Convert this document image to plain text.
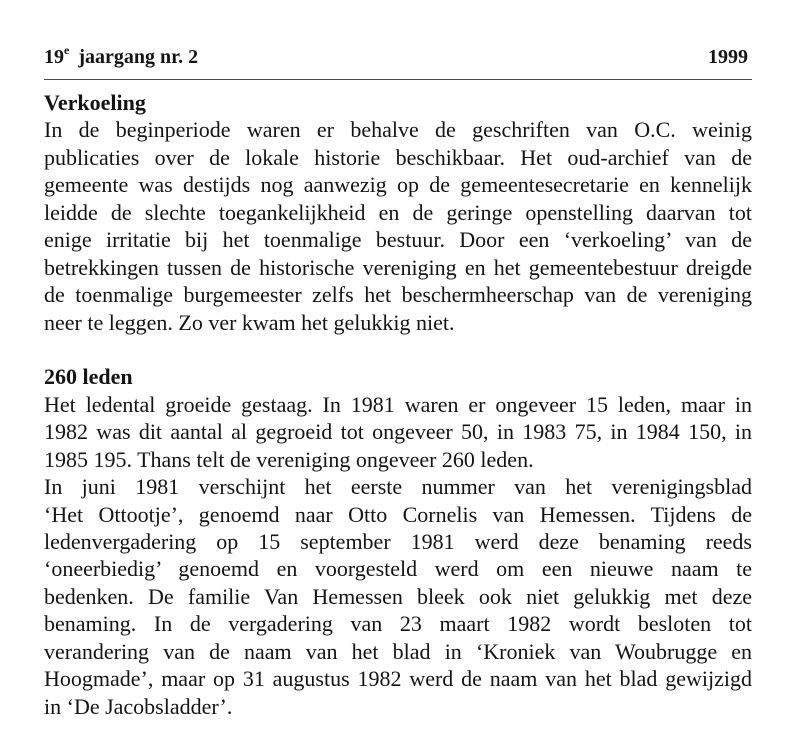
19e jaargang nr. 2	1999
Verkoeling
In de beginperiode waren er behalve de geschriften van O.C. weinig
publicaties over de lokale historie beschikbaar. Het oud-archief van de
gemeente was destijds nog aanwezig op de gemeentesecretarie en kennelijk
leidde de slechte toegankelijkheid en de geringe openstelling daarvan tot
enige irritatie bij het toenmalige bestuur. Door een ‘verkoeling’ van de
betrekkingen tussen de historische vereniging en het gemeentebestuur dreigde
de toenmalige burgemeester zelfs het beschermheerschap van de vereniging
neer te leggen. Zo ver kwam het gelukkig niet.
260 leden
Het ledental groeide gestaag. In 1981 waren er ongeveer 15 leden, maar in
1982 was dit aantal al gegroeid tot ongeveer 50, in 1983 75, in 1984 150, in
1985 195. Thans telt de vereniging ongeveer 260 leden.
In juni 1981 verschijnt het eerste nummer van het verenigingsblad
‘Het Ottootje’, genoemd naar Otto Cornelis van Hemessen. Tijdens de
ledenvergadering op 15 september 1981 werd deze benaming reeds
‘oneerbiedig’ genoemd en voorgesteld werd om een nieuwe naam te
bedenken. De familie Van Hemessen bleek ook niet gelukkig met deze
benaming. In de vergadering van 23 maart 1982 wordt besloten tot
verandering van de naam van het blad in ‘Kroniek van Woubrugge en
Hoogmade’, maar op 31 augustus 1982 werd de naam van het blad gewijzigd
in ‘De Jacobsladder’.
